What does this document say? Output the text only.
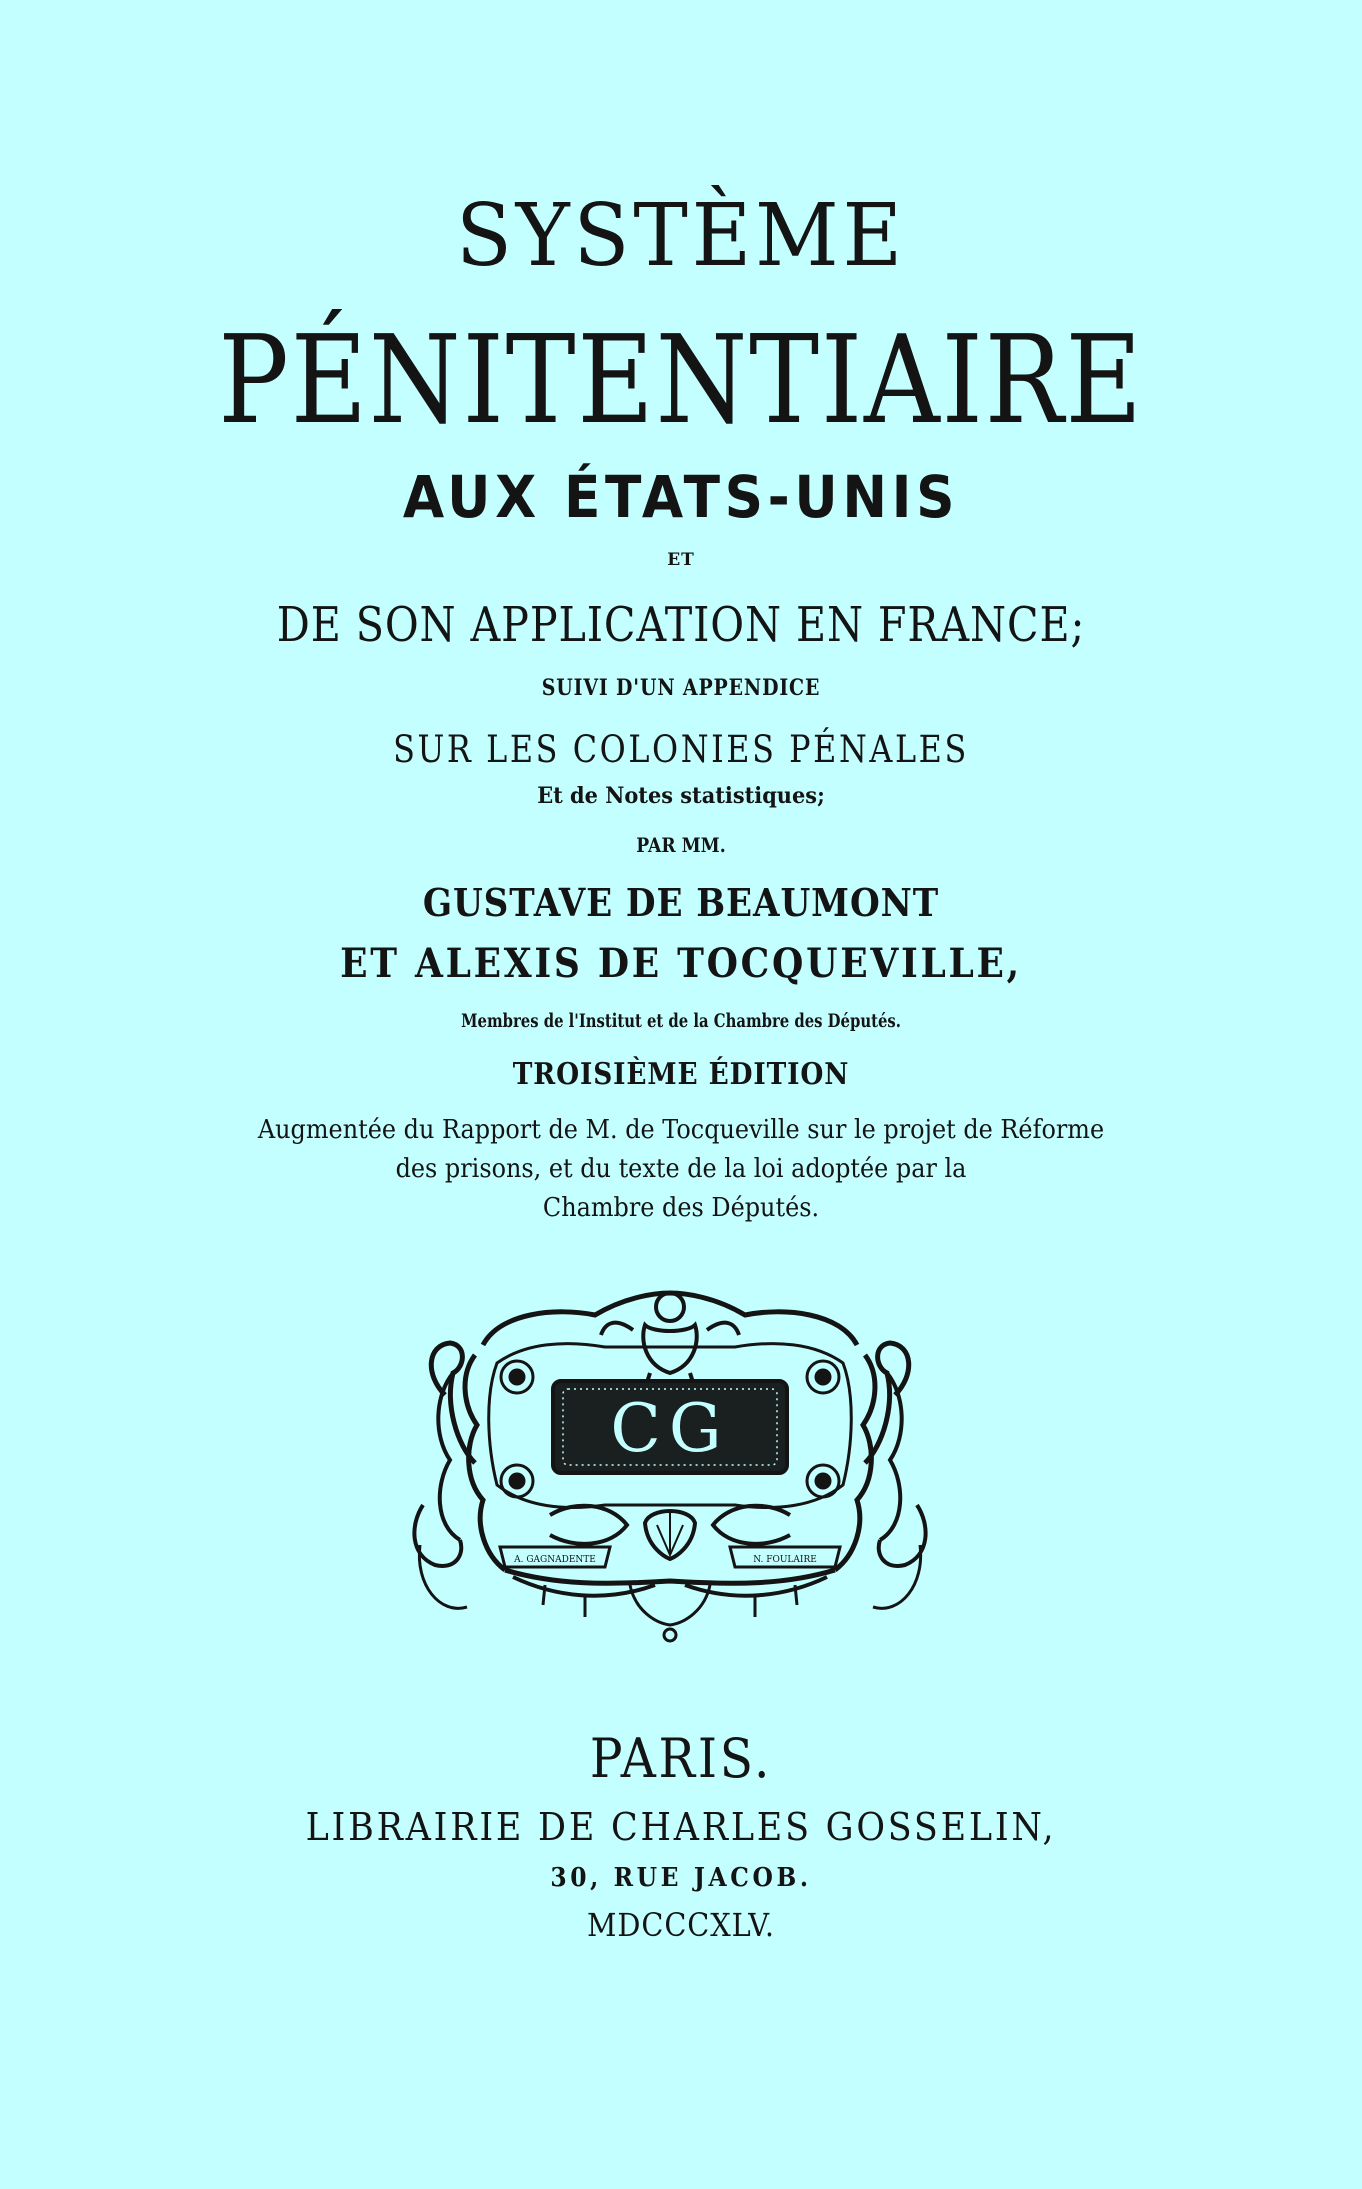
SYSTÈME
PÉNITENTIAIRE
AUX ÉTATS-UNIS
ET
DE SON APPLICATION EN FRANCE;
SUIVI D'UN APPENDICE
SUR LES COLONIES PÉNALES
Et de Notes statistiques;
PAR MM.
GUSTAVE DE BEAUMONT
ET ALEXIS DE TOCQUEVILLE,
Membres de l'Institut et de la Chambre des Députés.
TROISIÈME ÉDITION
Augmentée du Rapport de M. de Tocqueville sur le projet de Réforme
des prisons, et du texte de la loi adoptée par la
Chambre des Députés.
CG
A. GAGNADENTE	N. FOULAIRE
PARIS.
LIBRAIRIE DE CHARLES GOSSELIN,
30, RUE JACOB.
MDCCCXLV.
